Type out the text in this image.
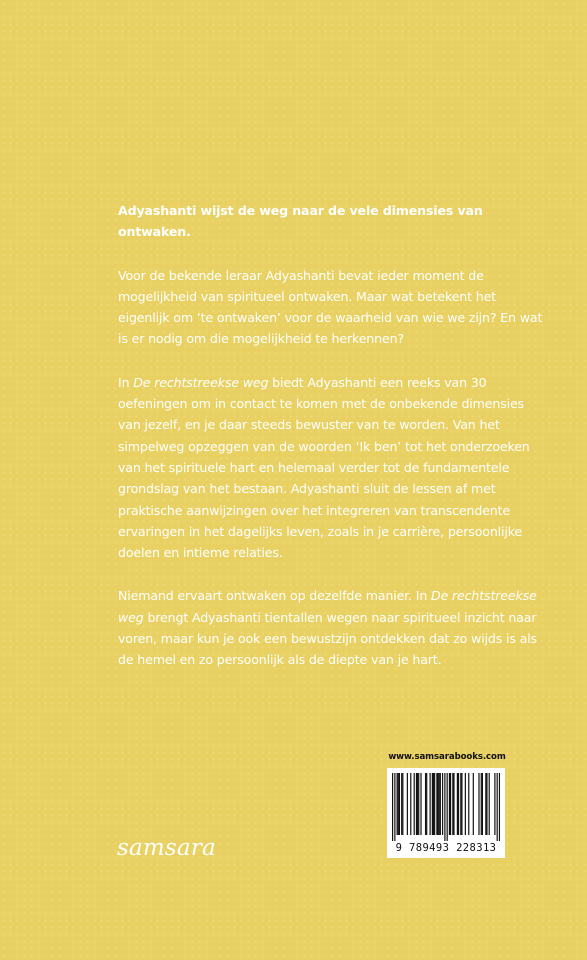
Adyashanti wijst de weg naar de vele dimensies van ontwaken.

Voor de bekende leraar Adyashanti bevat ieder moment de mogelijkheid van spiritueel ontwaken. Maar wat betekent het eigenlijk om ‘te ontwaken’ voor de waarheid van wie we zijn? En wat is er nodig om die mogelijkheid te herkennen?

In De rechtstreekse weg biedt Adyashanti een reeks van 30 oefeningen om in contact te komen met de onbekende dimensies van jezelf, en je daar steeds bewuster van te worden. Van het simpelweg opzeggen van de woorden ‘Ik ben’ tot het onderzoeken van het spirituele hart en helemaal verder tot de fundamentele grondslag van het bestaan. Adyashanti sluit de lessen af met praktische aanwijzingen over het integreren van transcendente ervaringen in het dagelijks leven, zoals in je carrière, persoonlijke doelen en intieme relaties.

Niemand ervaart ontwaken op dezelfde manier. In De rechtstreekse weg brengt Adyashanti tientallen wegen naar spiritueel inzicht naar voren, maar kun je ook een bewustzijn ontdekken dat zo wijds is als de hemel en zo persoonlijk als de diepte van je hart.

www.samsarabooks.com
9 789493 228313
samsara
